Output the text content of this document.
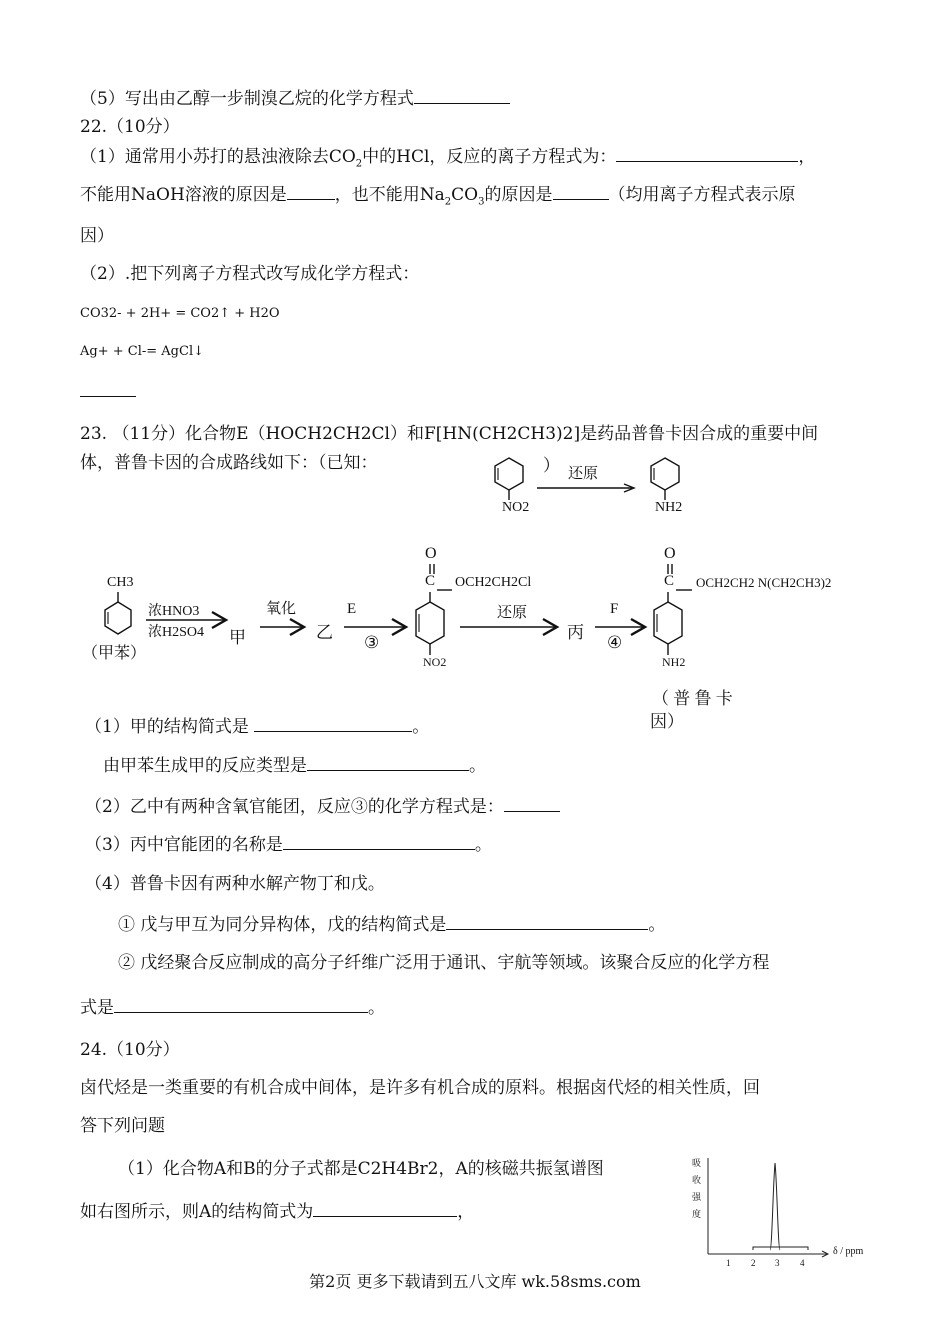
（5）写出由乙醇一步制溴乙烷的化学方程式
22.（10分）
（1）通常用小苏打的悬浊液除去$CO_2$中的HCl，反应的离子方程式为：	，
不能用NaOH溶液的原因是	，也不能用$Na_2CO_3$的原因是	（均用离子方程式表示原
因）
（2）.把下列离子方程式改写成化学方程式：
CO32- + 2H+ = CO2↑ + H2O
Ag+ + Cl-= AgCl↓
23. （11分）化合物E（HOCH2CH2Cl）和F[HN(CH2CH3)2]是药品普鲁卡因合成的重要中间
体，普鲁卡因的合成路线如下：（已知：	） 还原
NO2	NH2
CH3
浓HNO3
浓H2SO4 甲
（甲苯）
氧化
乙
E
③
O
C OCH2CH2Cl
NO2
还原
丙
F
④
O
C OCH2CH2 N(CH2CH3)2
NH2
（ 普 鲁 卡
因）
（1）甲的结构简式是	。
由甲苯生成甲的反应类型是	。
（2）乙中有两种含氧官能团，反应③的化学方程式是：
（3）丙中官能团的名称是	。
（4）普鲁卡因有两种水解产物丁和戊。
① 戊与甲互为同分异构体，戊的结构简式是	。
② 戊经聚合反应制成的高分子纤维广泛用于通讯、宇航等领域。该聚合反应的化学方程
式是	。
24.（10分）
卤代烃是一类重要的有机合成中间体，是许多有机合成的原料。根据卤代烃的相关性质，回
答下列问题
（1）化合物A和B的分子式都是C2H4Br2，A的核磁共振氢谱图
如右图所示，则A的结构简式为	，
吸
收
强
度
δ / ppm
1 2 3 4
第2页 更多下载请到五八文库 wk.58sms.com
